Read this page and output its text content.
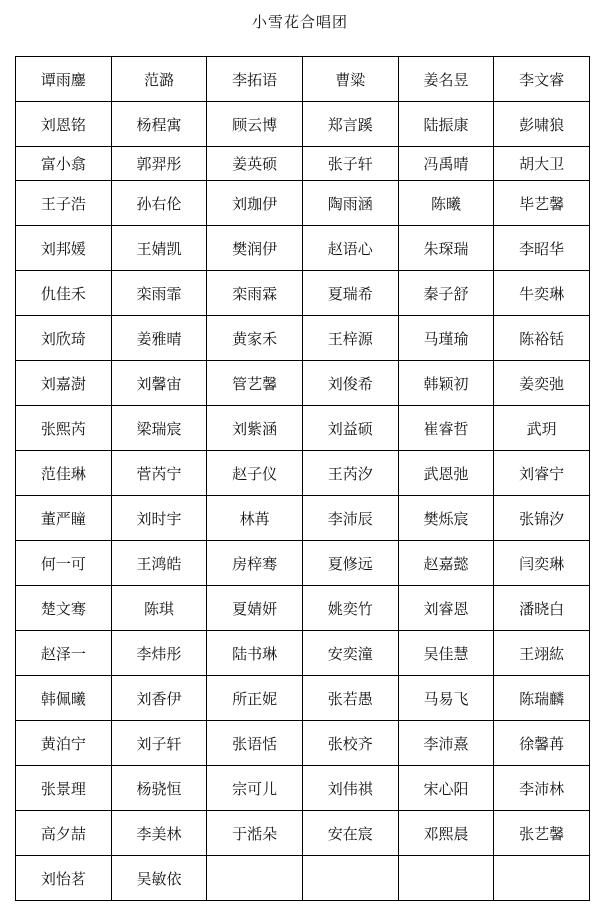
小雪花合唱团
谭雨鏖	范潞	李拓语	曹粱	姜名昱	李文睿
刘恩铭	杨程寓	顾云博	郑言蹊	陆振康	彭啸狼
富小翕	郭羿彤	姜英硕	张子轩	冯禹晴	胡大卫
王子浩	孙右伦	刘珈伊	陶雨涵	陈曦	毕艺馨
刘邦媛	王婧凯	樊润伊	赵语心	朱琛瑞	李昭华
仇佳禾	栾雨霏	栾雨霖	夏瑞希	秦子舒	牛奕琳
刘欣琦	姜雅晴	黄家禾	王梓源	马瑾瑜	陈裕铦
刘嘉澍	刘馨宙	管艺馨	刘俊希	韩颖初	姜奕弛
张熙芮	梁瑞宸	刘紫涵	刘益硕	崔睿哲	武玥
范佳琳	菅芮宁	赵子仪	王芮汐	武恩弛	刘睿宁
董严瞳	刘时宇	林苒	李沛辰	樊烁宸	张锦汐
何一可	王鸿皓	房梓骞	夏修远	赵嘉懿	闫奕琳
楚文骞	陈琪	夏婧妍	姚奕竹	刘睿恩	潘晓白
赵泽一	李炜彤	陆书琳	安奕潼	吴佳慧	王翊紘
韩佩曦	刘香伊	所正妮	张若愚	马易飞	陈瑞麟
黄泊宁	刘子轩	张语恬	张校齐	李沛熹	徐馨苒
张景理	杨骁恒	宗可儿	刘伟祺	宋心阳	李沛林
高夕喆	李美林	于湉朵	安在宸	邓熙晨	张艺馨
刘怡茗	吴敏依				
